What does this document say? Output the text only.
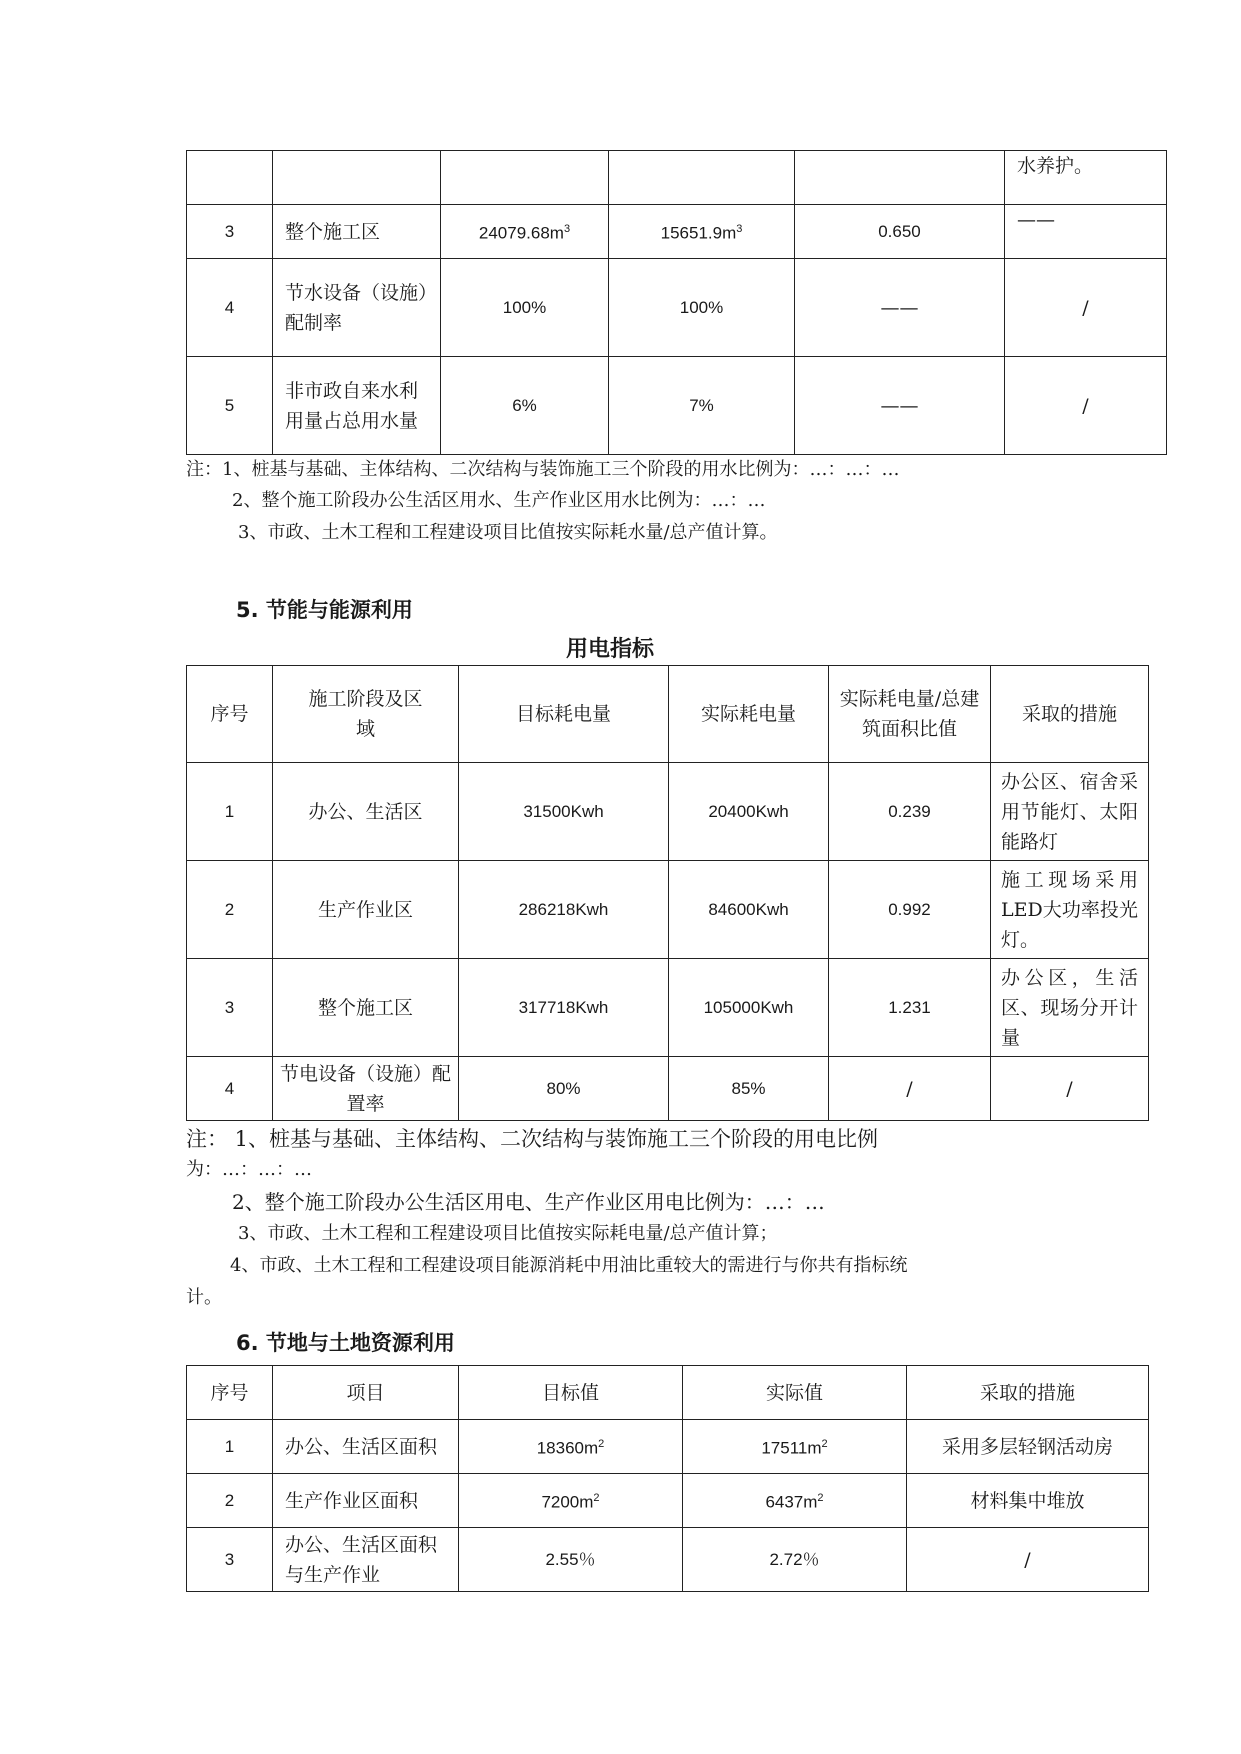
					水养护。
3	整个施工区	$24079.68m^3$	$15651.9m^3$	0.650	——
4	节水设备（设施）配制率	100%	100%	——	/
5	非市政自来水利用量占总用水量	6%	7%	——	/
注：1、桩基与基础、主体结构、二次结构与装饰施工三个阶段的用水比例为：…：…：…
2、整个施工阶段办公生活区用水、生产作业区用水比例为：…：…
3、市政、土木工程和工程建设项目比值按实际耗水量/总产值计算。
5. 节能与能源利用
用电指标
序号	施工阶段及区域	目标耗电量	实际耗电量	实际耗电量/总建筑面积比值	采取的措施
1	办公、生活区	31500Kwh	20400Kwh	0.239	办公区、宿舍采用节能灯、太阳能路灯
2	生产作业区	286218Kwh	84600Kwh	0.992	施工现场采用LED大功率投光灯。
3	整个施工区	317718Kwh	105000Kwh	1.231	办公区，生活区、现场分开计量
4	节电设备（设施）配置率	80%	85%	/	/
注： 1、桩基与基础、主体结构、二次结构与装饰施工三个阶段的用电比例
为：…：…：…
2、整个施工阶段办公生活区用电、生产作业区用电比例为：…：…
3、市政、土木工程和工程建设项目比值按实际耗电量/总产值计算；
4、市政、土木工程和工程建设项目能源消耗中用油比重较大的需进行与你共有指标统
计。
6. 节地与土地资源利用
序号	项目	目标值	实际值	采取的措施
1	办公、生活区面积	$18360m^2$	$17511m^2$	采用多层轻钢活动房
2	生产作业区面积	$7200m^2$	$6437m^2$	材料集中堆放
3	办公、生活区面积与生产作业	2.55％	2.72％	/
